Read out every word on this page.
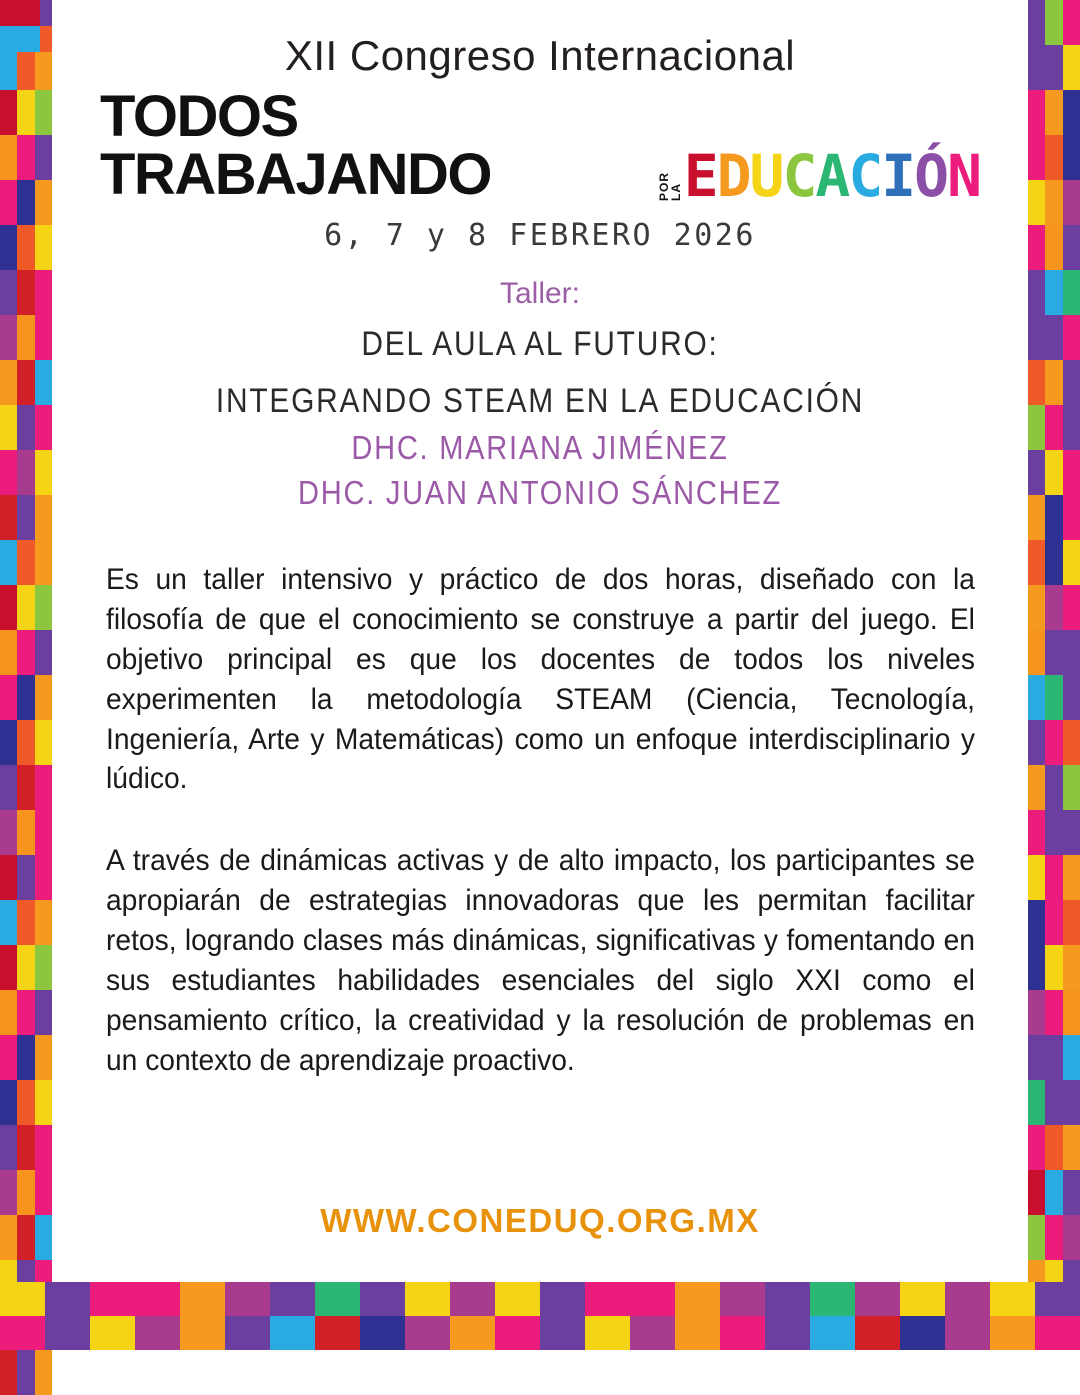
XII Congreso Internacional
TODOS TRABAJANDO	POR LA E D U C A C I Ó N
6, 7 y 8 FEBRERO 2026
Taller:
DEL AULA AL FUTURO:
INTEGRANDO STEAM EN LA EDUCACIÓN
DHC. MARIANA JIMÉNEZ
DHC. JUAN ANTONIO SÁNCHEZ

Es un taller intensivo y práctico de dos horas, diseñado con la filosofía de que el conocimiento se construye a partir del juego. El objetivo principal es que los docentes de todos los niveles experimenten la metodología STEAM (Ciencia, Tecnología, Ingeniería, Arte y Matemáticas) como un enfoque interdisciplinario y lúdico.

A través de dinámicas activas y de alto impacto, los participantes se apropiarán de estrategias innovadoras que les permitan facilitar retos, logrando clases más dinámicas, significativas y fomentando en sus estudiantes habilidades esenciales del siglo XXI como el pensamiento crítico, la creatividad y la resolución de problemas en un contexto de aprendizaje proactivo.

WWW.CONEDUQ.ORG.MX
